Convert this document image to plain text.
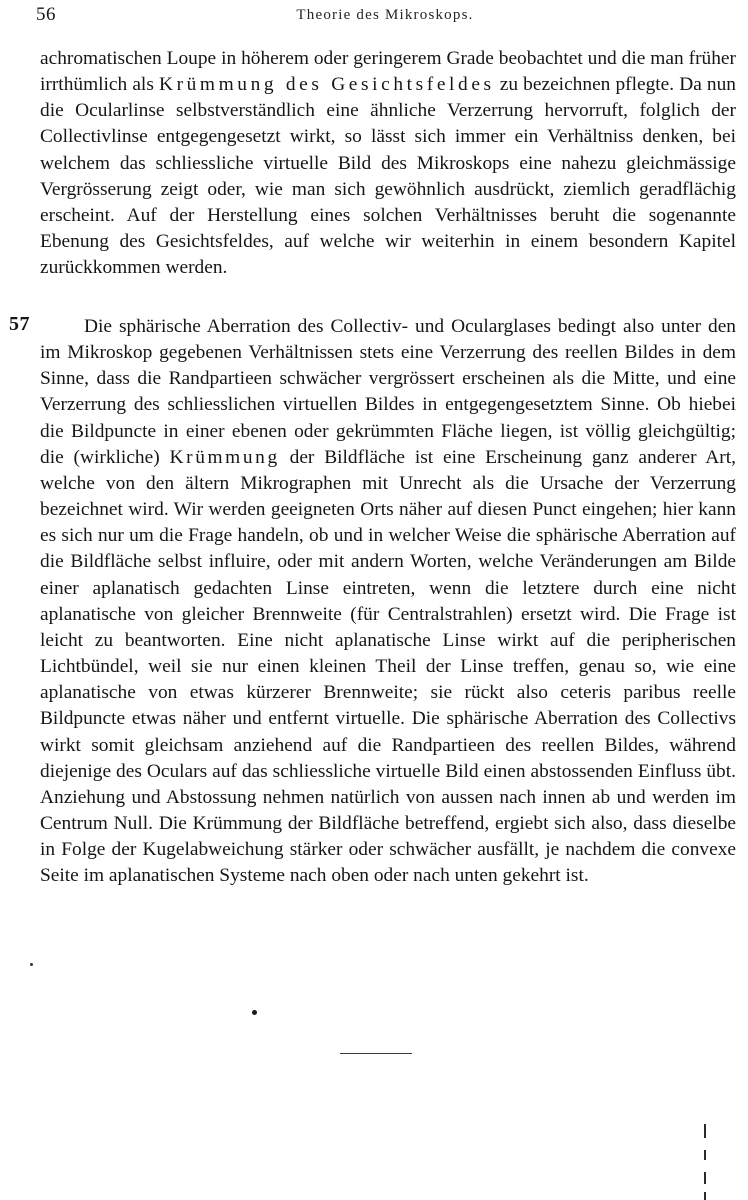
56	Theorie des Mikroskops.

achromatischen Loupe in höherem oder geringerem Grade beobachtet und die man früher irrthümlich als Krümmung des Gesichtsfeldes zu bezeichnen pflegte. Da nun die Ocularlinse selbstverständlich eine ähnliche Verzerrung hervorruft, folglich der Collectivlinse entgegengesetzt wirkt, so lässt sich immer ein Verhältniss denken, bei welchem das schliessliche virtuelle Bild des Mikroskops eine nahezu gleichmässige Vergrösserung zeigt oder, wie man sich gewöhnlich ausdrückt, ziemlich geradflächig erscheint. Auf der Herstellung eines solchen Verhältnisses beruht die sogenannte Ebenung des Gesichtsfeldes, auf welche wir weiterhin in einem besondern Kapitel zurückkommen werden.

57	Die sphärische Aberration des Collectiv- und Ocularglases bedingt also unter den im Mikroskop gegebenen Verhältnissen stets eine Verzerrung des reellen Bildes in dem Sinne, dass die Randpartieen schwächer vergrössert erscheinen als die Mitte, und eine Verzerrung des schliesslichen virtuellen Bildes in entgegengesetztem Sinne. Ob hiebei die Bildpuncte in einer ebenen oder gekrümmten Fläche liegen, ist völlig gleichgültig; die (wirkliche) Krümmung der Bildfläche ist eine Erscheinung ganz anderer Art, welche von den ältern Mikrographen mit Unrecht als die Ursache der Verzerrung bezeichnet wird. Wir werden geeigneten Orts näher auf diesen Punct eingehen; hier kann es sich nur um die Frage handeln, ob und in welcher Weise die sphärische Aberration auf die Bildfläche selbst influire, oder mit andern Worten, welche Veränderungen am Bilde einer aplanatisch gedachten Linse eintreten, wenn die letztere durch eine nicht aplanatische von gleicher Brennweite (für Centralstrahlen) ersetzt wird. Die Frage ist leicht zu beantworten. Eine nicht aplanatische Linse wirkt auf die peripherischen Lichtbündel, weil sie nur einen kleinen Theil der Linse treffen, genau so, wie eine aplanatische von etwas kürzerer Brennweite; sie rückt also ceteris paribus reelle Bildpuncte etwas näher und entfernt virtuelle. Die sphärische Aberration des Collectivs wirkt somit gleichsam anziehend auf die Randpartieen des reellen Bildes, während diejenige des Oculars auf das schliessliche virtuelle Bild einen abstossenden Einfluss übt. Anziehung und Abstossung nehmen natürlich von aussen nach innen ab und werden im Centrum Null. Die Krümmung der Bildfläche betreffend, ergiebt sich also, dass dieselbe in Folge der Kugelabweichung stärker oder schwächer ausfällt, je nachdem die convexe Seite im aplanatischen Systeme nach oben oder nach unten gekehrt ist.
